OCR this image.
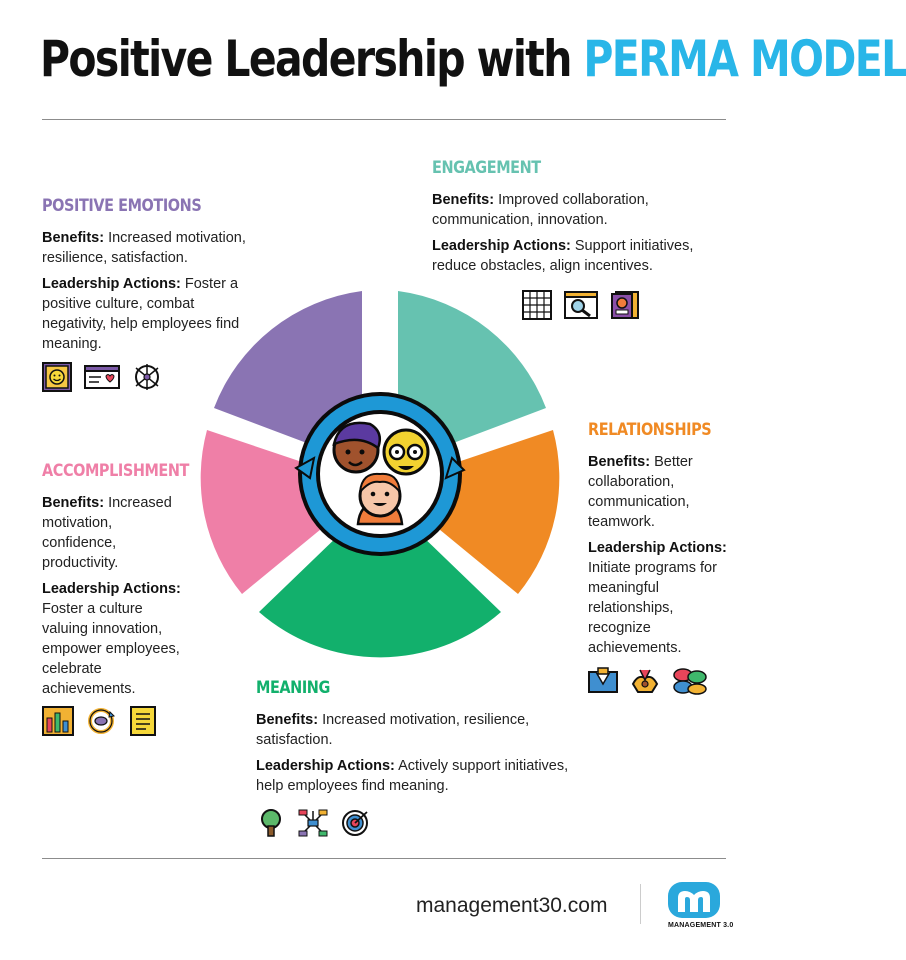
Positive Leadership with PERMA MODEL
POSITIVE EMOTIONS
Benefits: Increased motivation, resilience, satisfaction.
Leadership Actions: Foster a positive culture, combat negativity, help employees find meaning.
ENGAGEMENT
Benefits: Improved collaboration, communication, innovation.
Leadership Actions: Support initiatives, reduce obstacles, align incentives.
RELATIONSHIPS
Benefits: Better collaboration, communication, teamwork.
Leadership Actions: Initiate programs for meaningful relationships, recognize achievements.
ACCOMPLISHMENT
Benefits: Increased motivation, confidence, productivity.
Leadership Actions: Foster a culture valuing innovation, empower employees, celebrate achievements.	MEANING
Benefits: Increased motivation, resilience, satisfaction.
Leadership Actions: Actively support initiatives, help employees find meaning.
management30.com
MANAGEMENT 3.0
